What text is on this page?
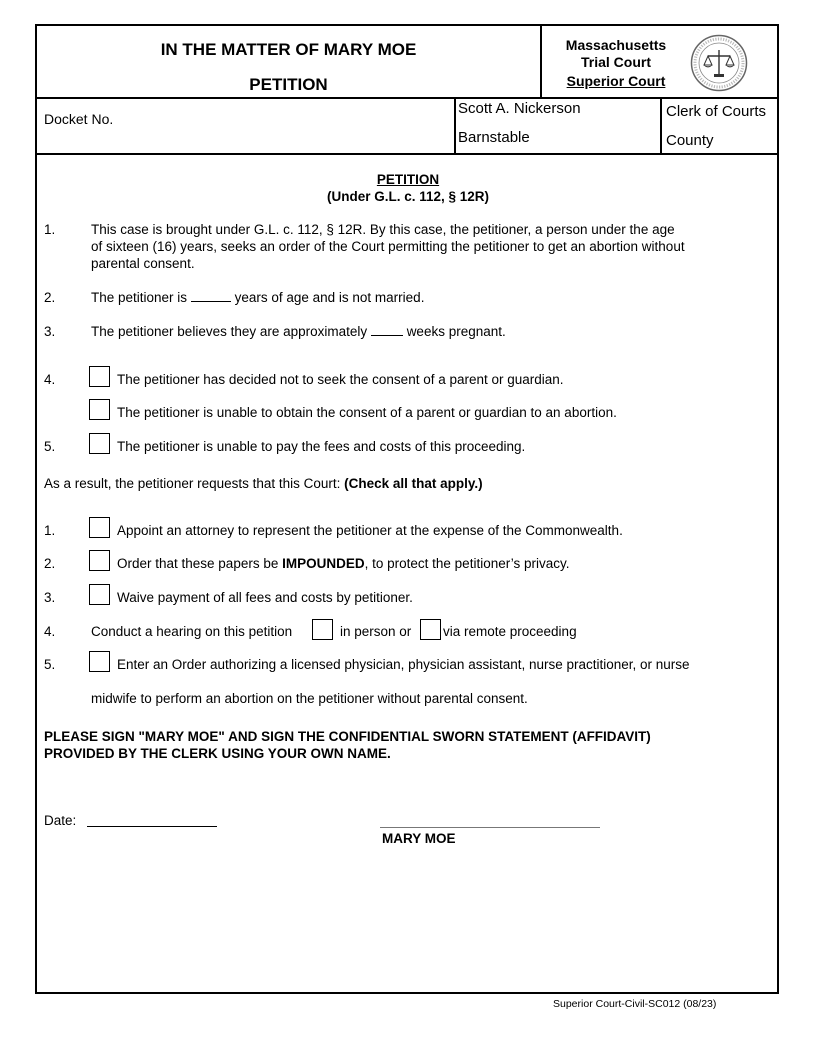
IN THE MATTER OF MARY MOE
PETITION
Massachusetts
Trial Court
Superior Court
Docket No.
Scott A. Nickerson
Barnstable
Clerk of Courts
County
PETITION
(Under G.L. c. 112, § 12R)
1.	This case is brought under G.L. c. 112, § 12R. By this case, the petitioner, a person under the age
of sixteen (16) years, seeks an order of the Court permitting the petitioner to get an abortion without
parental consent.
2.	The petitioner is	years of age and is not married.
3.	The petitioner believes they are approximately	weeks pregnant.
4.	The petitioner has decided not to seek the consent of a parent or guardian.
The petitioner is unable to obtain the consent of a parent or guardian to an abortion.
5.	The petitioner is unable to pay the fees and costs of this proceeding.
As a result, the petitioner requests that this Court: (Check all that apply.)
1.	Appoint an attorney to represent the petitioner at the expense of the Commonwealth.
2.	Order that these papers be IMPOUNDED, to protect the petitioner’s privacy.
3.	Waive payment of all fees and costs by petitioner.
4.	Conduct a hearing on this petition	in person or via remote proceeding
5.	Enter an Order authorizing a licensed physician, physician assistant, nurse practitioner, or nurse
midwife to perform an abortion on the petitioner without parental consent.
PLEASE SIGN "MARY MOE" AND SIGN THE CONFIDENTIAL SWORN STATEMENT (AFFIDAVIT)
PROVIDED BY THE CLERK USING YOUR OWN NAME.
Date:
MARY MOE
Superior Court-Civil-SC012 (08/23)
